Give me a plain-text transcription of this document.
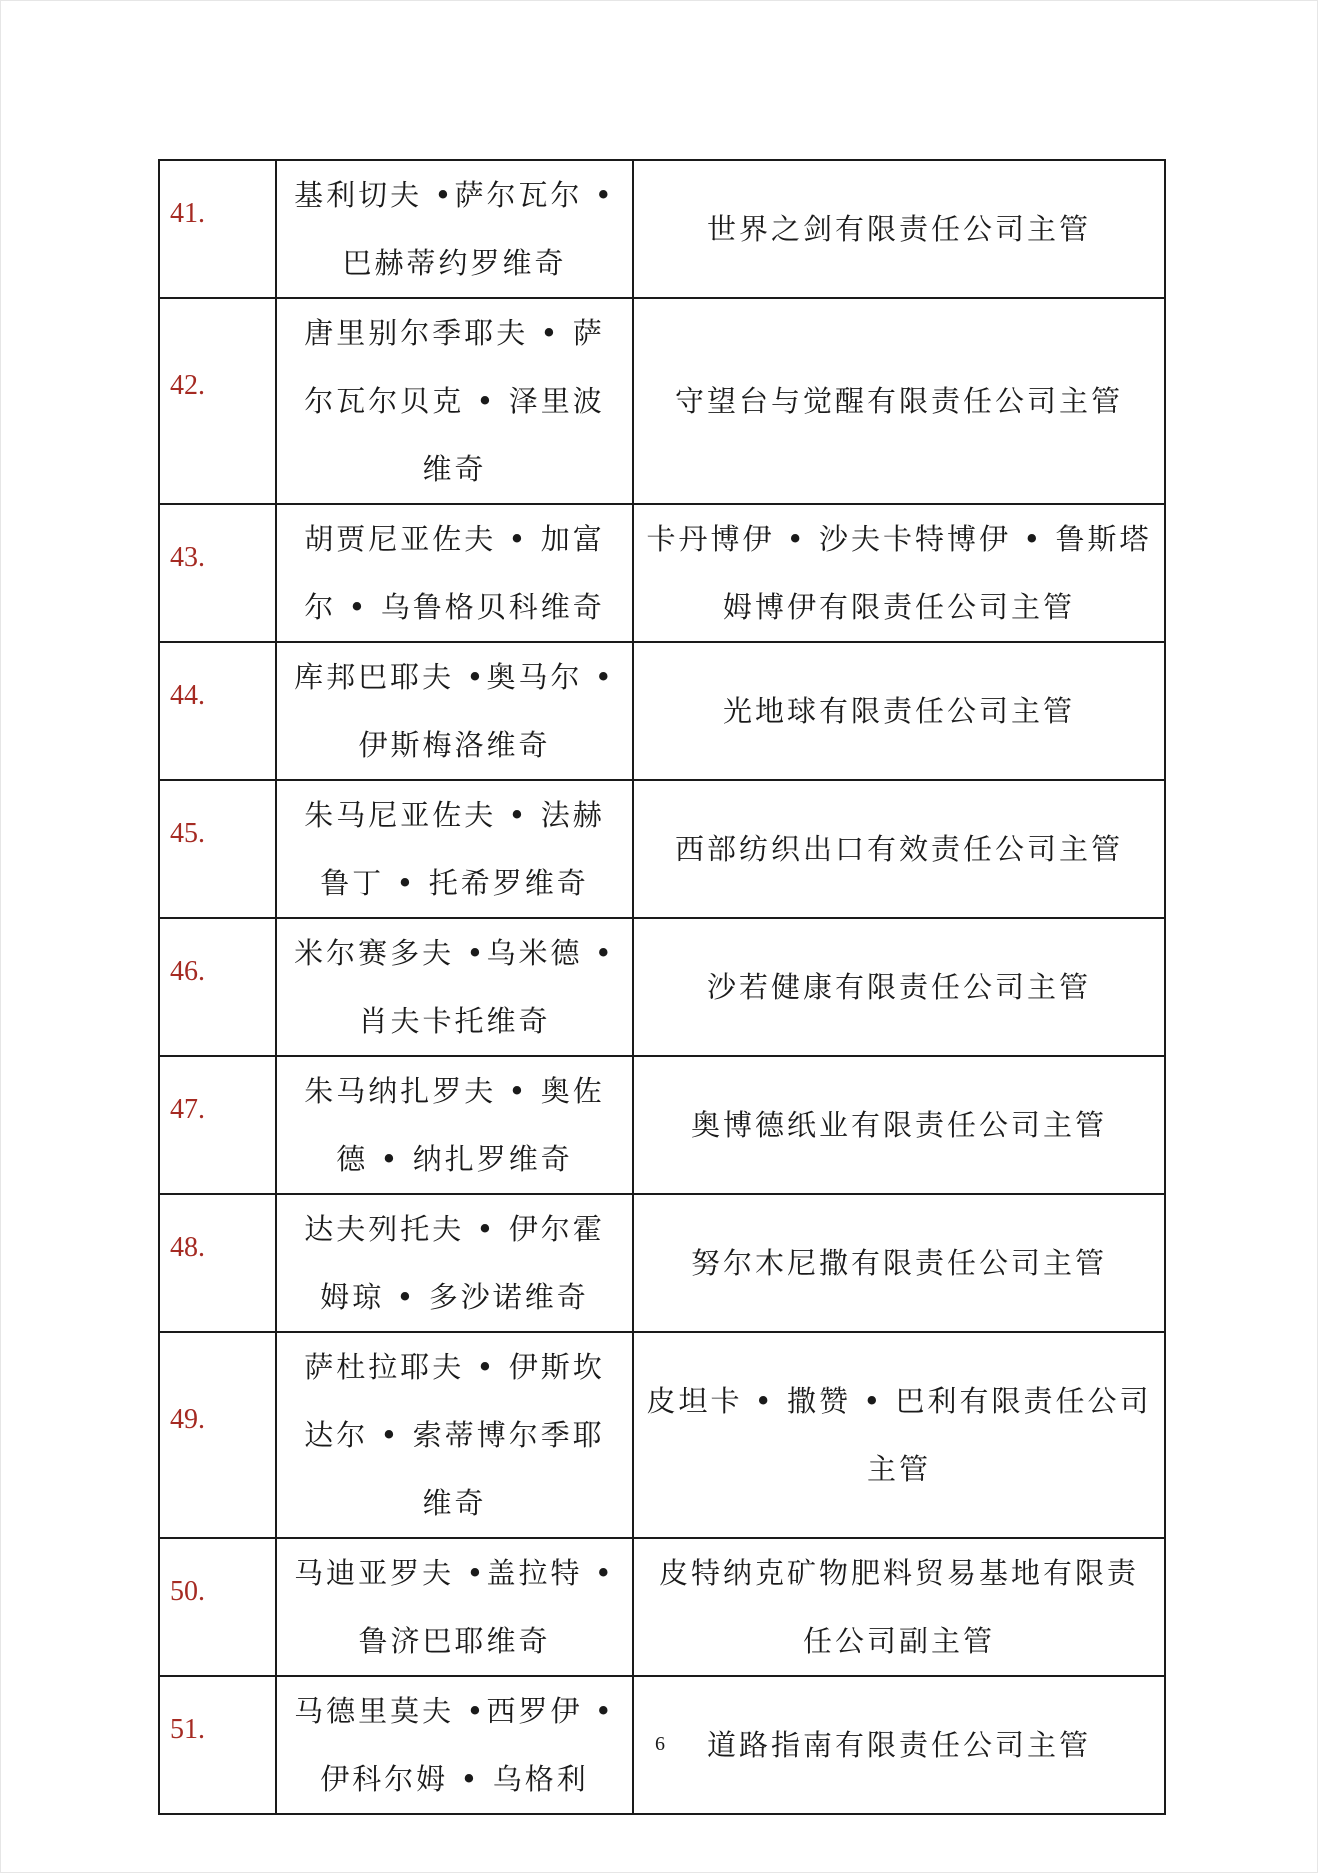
41.	基利切夫 •萨尔瓦尔 •巴赫蒂约罗维奇	世界之剑有限责任公司主管

42.	唐里别尔季耶夫 • 萨尔瓦尔贝克 • 泽里波维奇	守望台与觉醒有限责任公司主管

43.	胡贾尼亚佐夫 • 加富尔 • 乌鲁格贝科维奇	卡丹博伊 • 沙夫卡特博伊 • 鲁斯塔姆博伊有限责任公司主管

44.	库邦巴耶夫 •奥马尔 •伊斯梅洛维奇	光地球有限责任公司主管

45.	朱马尼亚佐夫 • 法赫鲁丁 • 托希罗维奇	西部纺织出口有效责任公司主管

46.	米尔赛多夫 •乌米德 •肖夫卡托维奇	沙若健康有限责任公司主管

47.	朱马纳扎罗夫 • 奥佐德 • 纳扎罗维奇	奥博德纸业有限责任公司主管

48.	达夫列托夫 • 伊尔霍姆琼 • 多沙诺维奇	努尔木尼撒有限责任公司主管

49.	萨杜拉耶夫 • 伊斯坎达尔 • 索蒂博尔季耶维奇	皮坦卡 • 撒赞 • 巴利有限责任公司主管

50.	马迪亚罗夫 •盖拉特 •鲁济巴耶维奇	皮特纳克矿物肥料贸易基地有限责任公司副主管

51.	马德里莫夫 •西罗伊 •伊科尔姆 • 乌格利	道路指南有限责任公司主管
6
